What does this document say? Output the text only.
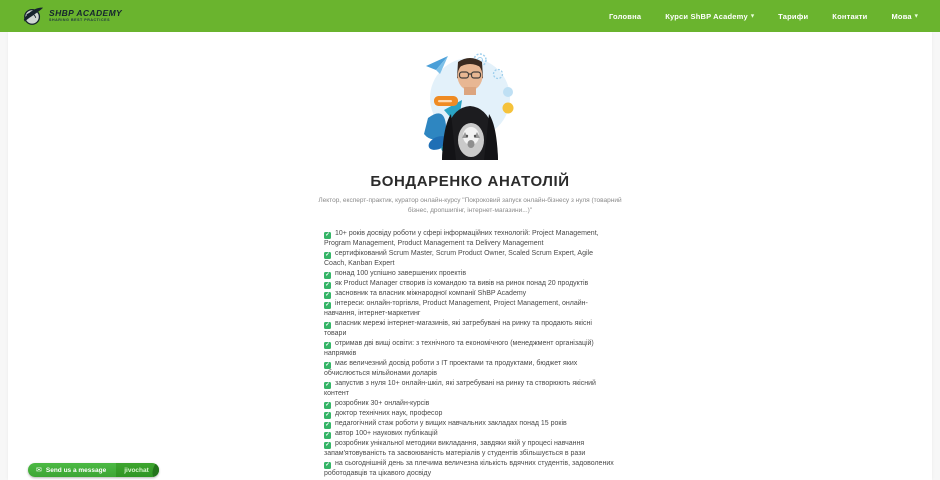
SHBP ACADEMY
SHARING BEST PRACTICES	Головна	Курси ShBP Academy ▾	Тарифи	Контакти	Мова ▾
БОНДАРЕНКО АНАТОЛІЙ

Лектор, експерт-практик, куратор онлайн-курсу "Покроковий запуск онлайн-бізнесу з нуля (товарний бізнес, дропшипінг, інтернет-магазини...)"

✓ 10+ років досвіду роботи у сфері інформаційних технологій: Project Management, Program Management, Product Management та Delivery Management
✓ сертифікований Scrum Master, Scrum Product Owner, Scaled Scrum Expert, Agile Coach, Kanban Expert
✓ понад 100 успішно завершених проектів
✓ як Product Manager створив із командою та вивів на ринок понад 20 продуктів
✓ засновник та власник міжнародної компанії ShBP Academy
✓ інтереси: онлайн-торгівля, Product Management, Project Management, онлайн-навчання, інтернет-маркетинг
✓ власник мережі інтернет-магазинів, які затребувані на ринку та продають якісні товари
✓ отримав дві вищі освіти: з технічного та економічного (менеджмент організацій) напрямків
✓ має величезний досвід роботи з IT проектами та продуктами, бюджет яких обчислюється мільйонами доларів
✓ запустив з нуля 10+ онлайн-шкіл, які затребувані на ринку та створюють якісний контент
✓ розробник 30+ онлайн-курсів
✓ доктор технічних наук, професор
✓ педагогічний стаж роботи у вищих навчальних закладах понад 15 років
✓ автор 100+ наукових публікацій
✓ розробник унікальної методики викладання, завдяки якій у процесі навчання запам'ятовуваність та засвоюваність матеріалів у студентів збільшується в рази
✓ на сьогоднішній день за плечима величезна кількість вдячних студентів, задоволених роботодавців та цікавого досвіду
✉ Send us a message	jivochat
